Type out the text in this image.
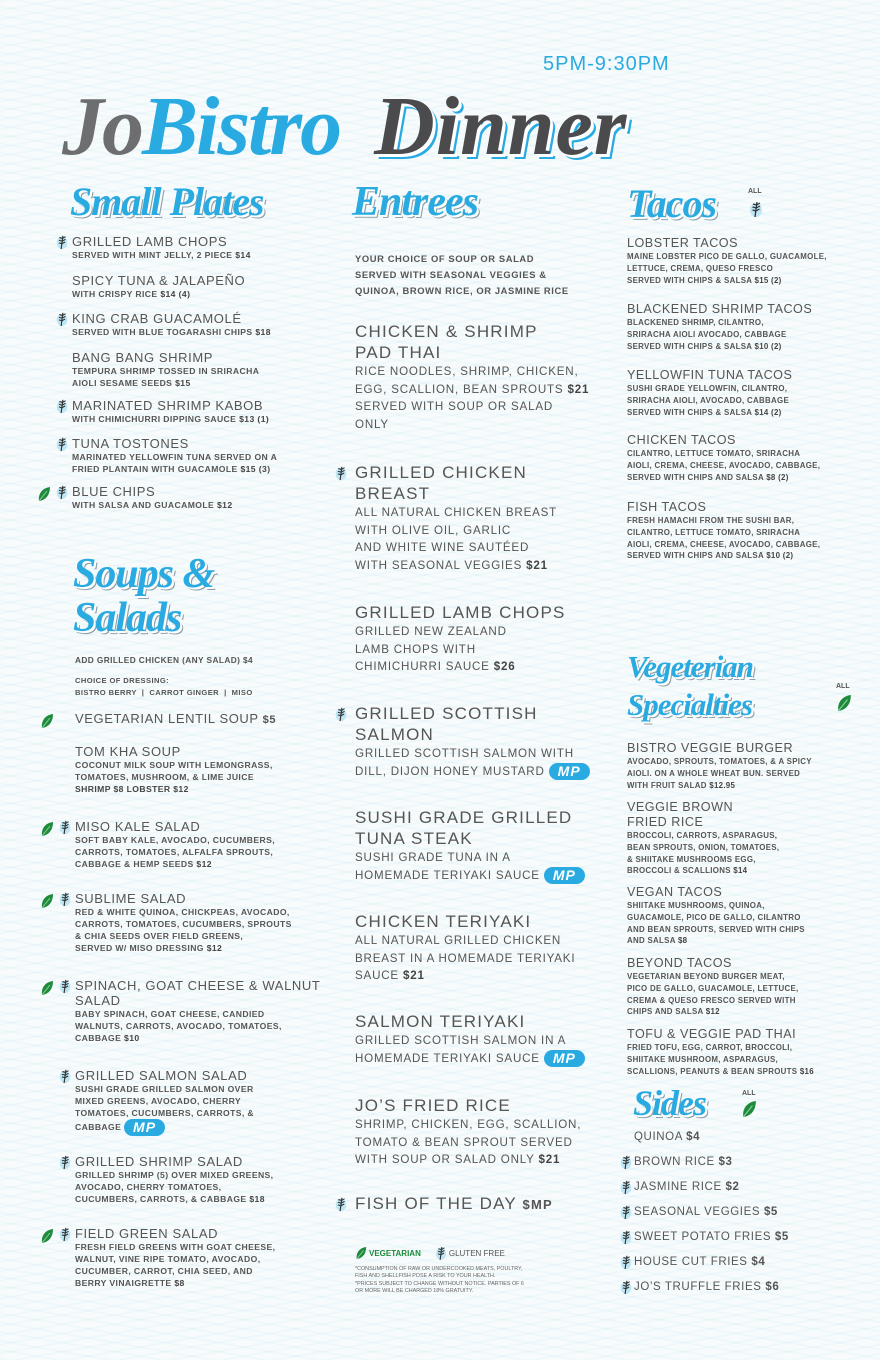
Jo Bistro Dinner
5PM-9:30PM
Small Plates
Soups &
Salads
Entrees	Tacos	ALL
Vegeterian
Specialties
ALL
Sides	ALL
ADD GRILLED CHICKEN (ANY SALAD) $4
CHOICE OF DRESSING:
BISTRO BERRY  |  CARROT GINGER  |  MISO
YOUR CHOICE OF SOUP OR SALAD
SERVED WITH SEASONAL VEGGIES &
QUINOA, BROWN RICE, OR JASMINE RICE
VEGETARIAN	GLUTEN FREE
*CONSUMPTION OF RAW OR UNDERCOOKED MEATS, POULTRY,
FISH AND SHELLFISH POSE A RISK TO YOUR HEALTH.
*PRICES SUBJECT TO CHANGE WITHOUT NOTICE. PARTIES OF 6
OR MORE WILL BE CHARGED 18% GRATUITY.
GRILLED LAMB CHOPS
SERVED WITH MINT JELLY, 2 PIECE $14
SPICY TUNA & JALAPEÑO
WITH CRISPY RICE $14 (4)
KING CRAB GUACAMOLÉ
SERVED WITH BLUE TOGARASHI CHIPS $18
BANG BANG SHRIMP
TEMPURA SHRIMP TOSSED IN SRIRACHA
AIOLI SESAME SEEDS $15
MARINATED SHRIMP KABOB
WITH CHIMICHURRI DIPPING SAUCE $13 (1)
TUNA TOSTONES
MARINATED YELLOWFIN TUNA SERVED ON A
FRIED PLANTAIN WITH GUACAMOLE $15 (3)
BLUE CHIPS
WITH SALSA AND GUACAMOLE $12
VEGETARIAN LENTIL SOUP $5
TOM KHA SOUP
COCONUT MILK SOUP WITH LEMONGRASS,
TOMATOES, MUSHROOM, & LIME JUICE
SHRIMP $8 LOBSTER $12
MISO KALE SALAD
SOFT BABY KALE, AVOCADO, CUCUMBERS,
CARROTS, TOMATOES, ALFALFA SPROUTS,
CABBAGE & HEMP SEEDS $12
SUBLIME SALAD
RED & WHITE QUINOA, CHICKPEAS, AVOCADO,
CARROTS, TOMATOES, CUCUMBERS, SPROUTS
& CHIA SEEDS OVER FIELD GREENS,
SERVED W/ MISO DRESSING $12
SPINACH, GOAT CHEESE & WALNUT SALAD
BABY SPINACH, GOAT CHEESE, CANDIED
WALNUTS, CARROTS, AVOCADO, TOMATOES,
CABBAGE $10
GRILLED SALMON SALAD
SUSHI GRADE GRILLED SALMON OVER
MIXED GREENS, AVOCADO, CHERRY
TOMATOES, CUCUMBERS, CARROTS, &
CABBAGE MP
GRILLED SHRIMP SALAD
GRILLED SHRIMP (5) OVER MIXED GREENS,
AVOCADO, CHERRY TOMATOES,
CUCUMBERS, CARROTS, & CABBAGE $18
FIELD GREEN SALAD
FRESH FIELD GREENS WITH GOAT CHEESE,
WALNUT, VINE RIPE TOMATO, AVOCADO,
CUCUMBER, CARROT, CHIA SEED, AND
BERRY VINAIGRETTE $8
CHICKEN & SHRIMP
PAD THAI
RICE NOODLES, SHRIMP, CHICKEN,
EGG, SCALLION, BEAN SPROUTS $21
SERVED WITH SOUP OR SALAD
ONLY
GRILLED CHICKEN
BREAST
ALL NATURAL CHICKEN BREAST
WITH OLIVE OIL, GARLIC
AND WHITE WINE SAUTÉED
WITH SEASONAL VEGGIES $21
GRILLED LAMB CHOPS
GRILLED NEW ZEALAND
LAMB CHOPS WITH
CHIMICHURRI SAUCE $26
GRILLED SCOTTISH
SALMON
GRILLED SCOTTISH SALMON WITH
DILL, DIJON HONEY MUSTARD MP
SUSHI GRADE GRILLED
TUNA STEAK
SUSHI GRADE TUNA IN A
HOMEMADE TERIYAKI SAUCE MP
CHICKEN TERIYAKI
ALL NATURAL GRILLED CHICKEN
BREAST IN A HOMEMADE TERIYAKI
SAUCE $21
SALMON TERIYAKI
GRILLED SCOTTISH SALMON IN A
HOMEMADE TERIYAKI SAUCE MP
JO’S FRIED RICE
SHRIMP, CHICKEN, EGG, SCALLION,
TOMATO & BEAN SPROUT SERVED
WITH SOUP OR SALAD ONLY $21
FISH OF THE DAY $MP
LOBSTER TACOS
MAINE LOBSTER PICO DE GALLO, GUACAMOLE,
LETTUCE, CREMA, QUESO FRESCO
SERVED WITH CHIPS & SALSA $15 (2)
BLACKENED SHRIMP TACOS
BLACKENED SHRIMP, CILANTRO,
SRIRACHA AIOLI AVOCADO, CABBAGE
SERVED WITH CHIPS & SALSA $10 (2)
YELLOWFIN TUNA TACOS
SUSHI GRADE YELLOWFIN, CILANTRO,
SRIRACHA AIOLI, AVOCADO, CABBAGE
SERVED WITH CHIPS & SALSA $14 (2)
CHICKEN TACOS
CILANTRO, LETTUCE TOMATO, SRIRACHA
AIOLI, CREMA, CHEESE, AVOCADO, CABBAGE,
SERVED WITH CHIPS AND SALSA $8 (2)
FISH TACOS
FRESH HAMACHI FROM THE SUSHI BAR,
CILANTRO, LETTUCE TOMATO, SRIRACHA
AIOLI, CREMA, CHEESE, AVOCADO, CABBAGE,
SERVED WITH CHIPS AND SALSA $10 (2)
BISTRO VEGGIE BURGER
AVOCADO, SPROUTS, TOMATOES, & A SPICY
AIOLI. ON A WHOLE WHEAT BUN. SERVED
WITH FRUIT SALAD $12.95
VEGGIE BROWN
FRIED RICE
BROCCOLI, CARROTS, ASPARAGUS,
BEAN SPROUTS, ONION, TOMATOES,
& SHIITAKE MUSHROOMS EGG,
BROCCOLI & SCALLIONS $14
VEGAN TACOS
SHIITAKE MUSHROOMS, QUINOA,
GUACAMOLE, PICO DE GALLO, CILANTRO
AND BEAN SPROUTS, SERVED WITH CHIPS
AND SALSA $8
BEYOND TACOS
VEGETARIAN BEYOND BURGER MEAT,
PICO DE GALLO, GUACAMOLE, LETTUCE,
CREMA & QUESO FRESCO SERVED WITH
CHIPS AND SALSA $12
TOFU & VEGGIE PAD THAI
FRIED TOFU, EGG, CARROT, BROCCOLI,
SHIITAKE MUSHROOM, ASPARAGUS,
SCALLIONS, PEANUTS & BEAN SPROUTS $16
QUINOA $4
BROWN RICE $3
JASMINE RICE $2
SEASONAL VEGGIES $5
SWEET POTATO FRIES $5
HOUSE CUT FRIES $4
JO’S TRUFFLE FRIES $6
